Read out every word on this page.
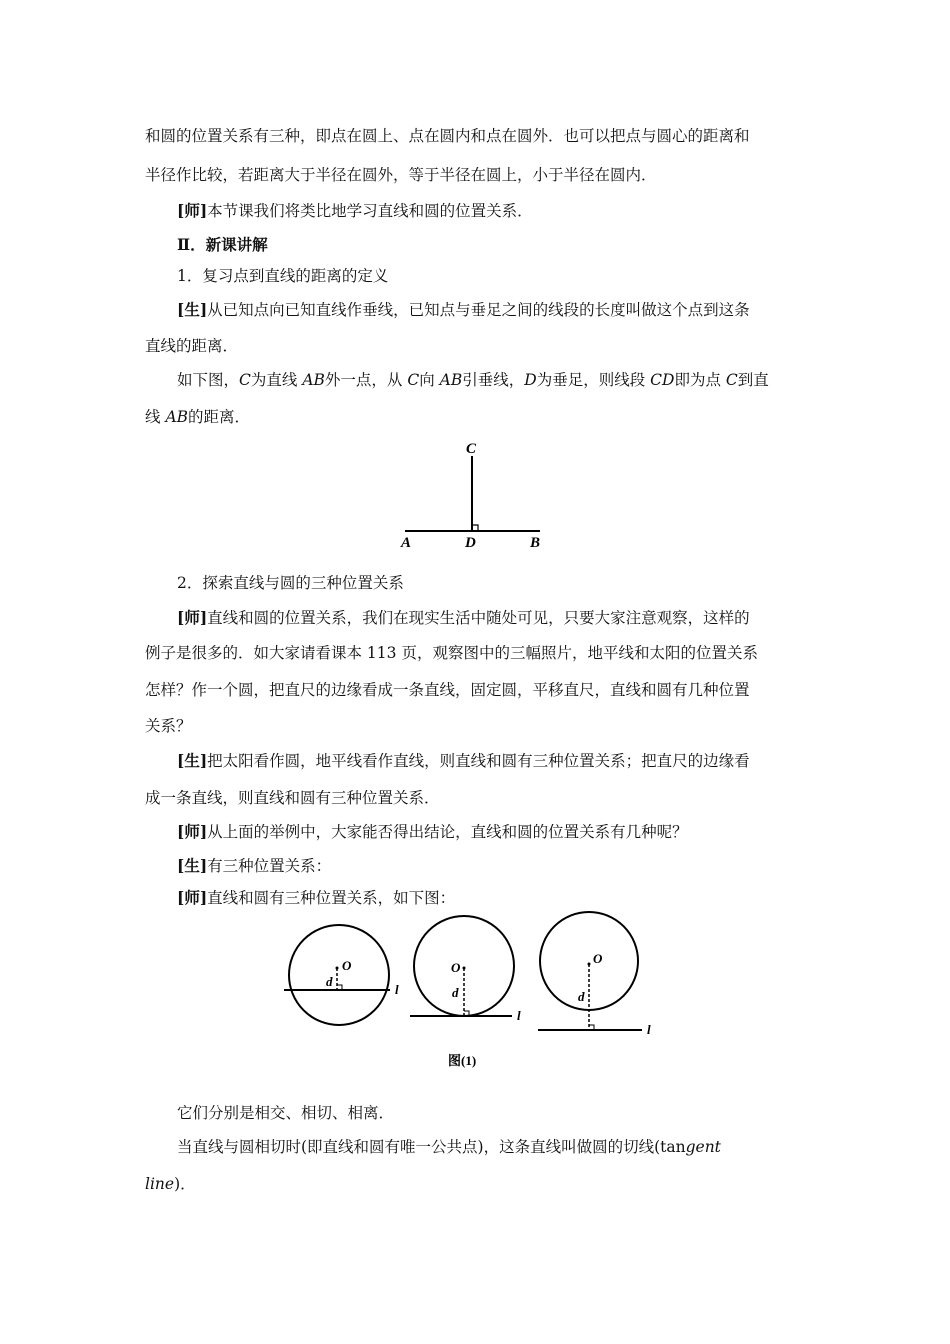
和圆的位置关系有三种，即点在圆上、点在圆内和点在圆外．也可以把点与圆心的距离和
半径作比较，若距离大于半径在圆外，等于半径在圆上，小于半径在圆内．
[师]本节课我们将类比地学习直线和圆的位置关系．
Ⅱ．新课讲解
1．复习点到直线的距离的定义
[生]从已知点向已知直线作垂线，已知点与垂足之间的线段的长度叫做这个点到这条
直线的距离．
如下图，C为直线 AB外一点，从 C向 AB引垂线，D为垂足，则线段 CD即为点 C到直
线 AB的距离．
C
A	D	B
2．探索直线与圆的三种位置关系
[师]直线和圆的位置关系，我们在现实生活中随处可见，只要大家注意观察，这样的
例子是很多的．如大家请看课本 113 页，观察图中的三幅照片，地平线和太阳的位置关系
怎样？作一个圆，把直尺的边缘看成一条直线，固定圆，平移直尺，直线和圆有几种位置
关系？
[生]把太阳看作圆，地平线看作直线，则直线和圆有三种位置关系；把直尺的边缘看
成一条直线，则直线和圆有三种位置关系．
[师]从上面的举例中，大家能否得出结论，直线和圆的位置关系有几种呢？
[生]有三种位置关系：
[师]直线和圆有三种位置关系，如下图：
O
d
l
O
d
l
O
d
l
图(1)
它们分别是相交、相切、相离．
当直线与圆相切时(即直线和圆有唯一公共点)，这条直线叫做圆的切线(tangent
line)．
